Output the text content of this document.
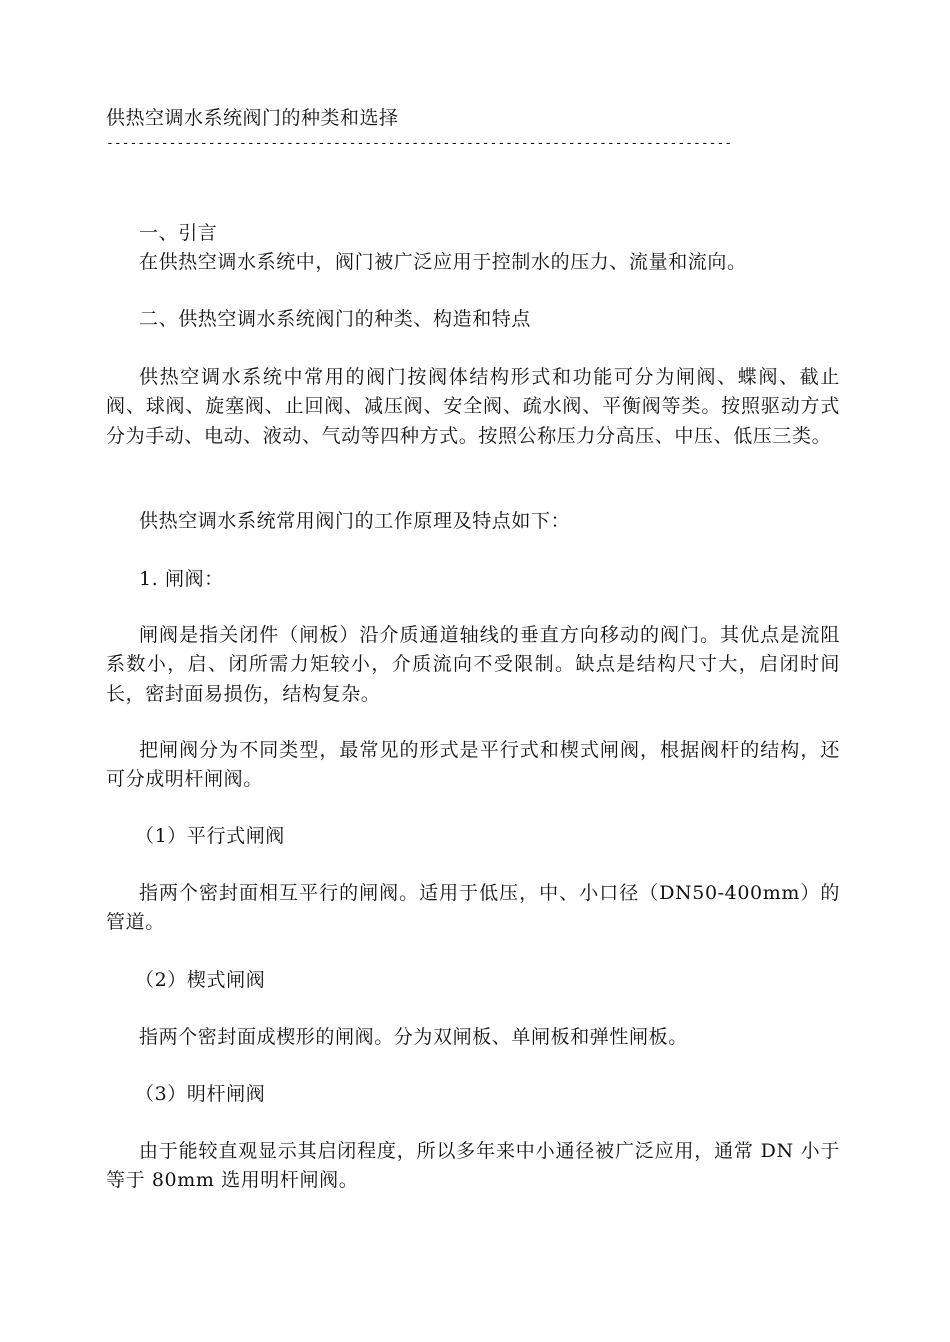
供热空调水系统阀门的种类和选择
--------------------------------------------------------------------------------

一、引言

在供热空调水系统中，阀门被广泛应用于控制水的压力、流量和流向。

二、供热空调水系统阀门的种类、构造和特点

供热空调水系统中常用的阀门按阀体结构形式和功能可分为闸阀、蝶阀、截止阀、球阀、旋塞阀、止回阀、减压阀、安全阀、疏水阀、平衡阀等类。按照驱动方式分为手动、电动、液动、气动等四种方式。按照公称压力分高压、中压、低压三类。

供热空调水系统常用阀门的工作原理及特点如下：

1. 闸阀：

闸阀是指关闭件（闸板）沿介质通道轴线的垂直方向移动的阀门。其优点是流阻系数小，启、闭所需力矩较小，介质流向不受限制。缺点是结构尺寸大，启闭时间长，密封面易损伤，结构复杂。

把闸阀分为不同类型，最常见的形式是平行式和楔式闸阀，根据阀杆的结构，还可分成明杆闸阀。

（1）平行式闸阀

指两个密封面相互平行的闸阀。适用于低压，中、小口径（DN50-400mm）的管道。

（2）楔式闸阀

指两个密封面成楔形的闸阀。分为双闸板、单闸板和弹性闸板。

（3）明杆闸阀

由于能较直观显示其启闭程度，所以多年来中小通径被广泛应用，通常 DN 小于等于 80mm 选用明杆闸阀。
